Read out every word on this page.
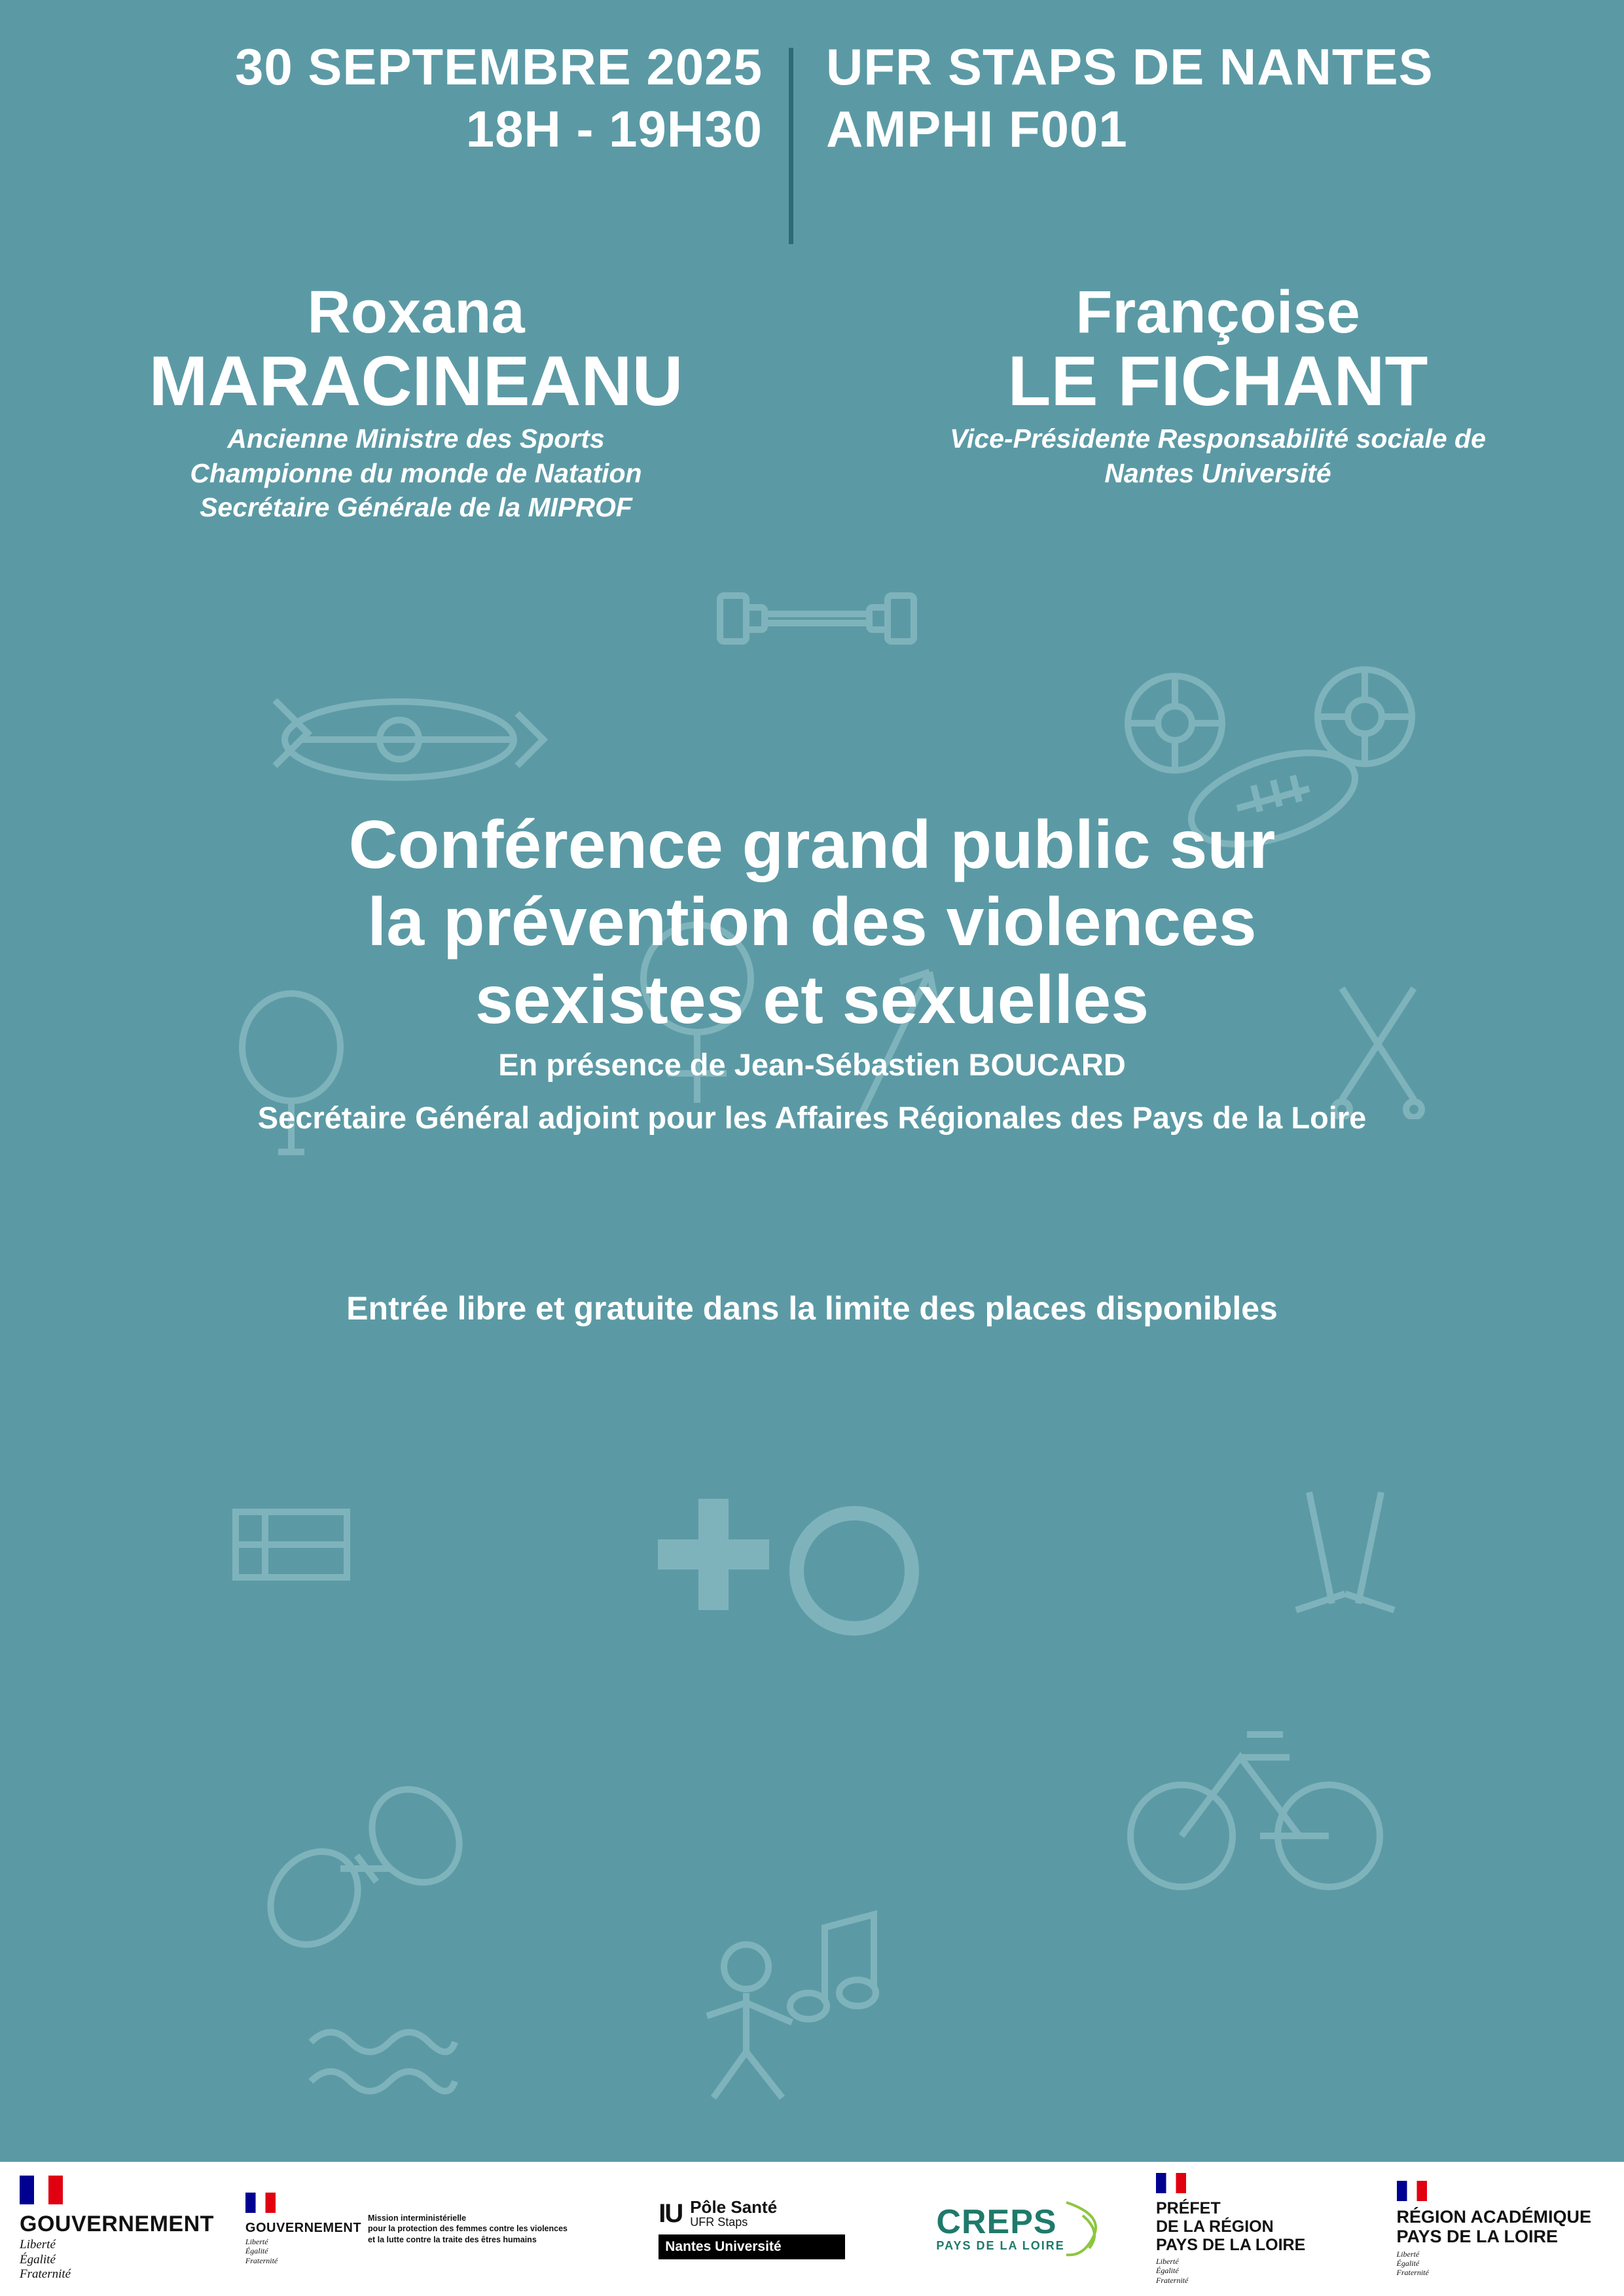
30 SEPTEMBRE 2025
18H - 19H30
UFR STAPS DE NANTES
AMPHI F001
Roxana
MARACINEANU
Ancienne Ministre des Sports
Championne du monde de Natation
Secrétaire Générale de la MIPROF
Françoise
LE FICHANT
Vice-Présidente Responsabilité sociale de
Nantes Université
Conférence grand public sur
la prévention des violences
sexistes et sexuelles
En présence de Jean-Sébastien BOUCARD
Secrétaire Général adjoint pour les Affaires Régionales des Pays de la Loire
Entrée libre et gratuite dans la limite des places disponibles
GOUVERNEMENT
Liberté
Égalité
Fraternité
GOUVERNEMENT
Liberté
Égalité
Fraternité
Mission interministérielle
pour la protection des femmes contre les violences
et la lutte contre la traite des êtres humains
IU Pôle Santé
UFR Staps
Nantes Université
CREPS
PAYS DE LA LOIRE
PRÉFET
DE LA RÉGION
PAYS DE LA LOIRE
Liberté
Égalité
Fraternité
RÉGION ACADÉMIQUE
PAYS DE LA LOIRE
Liberté
Égalité
Fraternité
